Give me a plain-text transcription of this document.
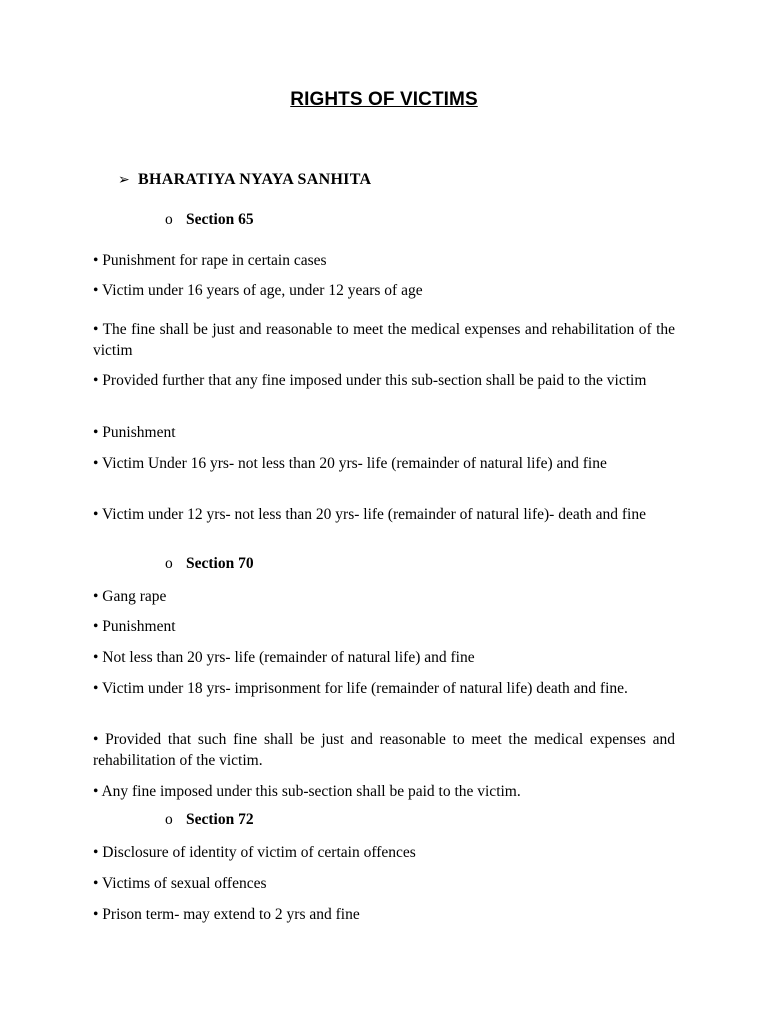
RIGHTS OF VICTIMS
➢ BHARATIYA NYAYA SANHITA
o Section 65
• Punishment for rape in certain cases
• Victim under 16 years of age, under 12 years of age
• The fine shall be just and reasonable to meet the medical expenses and rehabilitation of the victim
• Provided further that any fine imposed under this sub-section shall be paid to the victim
• Punishment
• Victim Under 16 yrs- not less than 20 yrs- life (remainder of natural life) and fine
• Victim under 12 yrs- not less than 20 yrs- life (remainder of natural life)- death and fine
o Section 70
• Gang rape
• Punishment
• Not less than 20 yrs- life (remainder of natural life) and fine
• Victim under 18 yrs- imprisonment for life (remainder of natural life) death and fine.
• Provided that such fine shall be just and reasonable to meet the medical expenses and rehabilitation of the victim.
• Any fine imposed under this sub-section shall be paid to the victim.
o Section 72
• Disclosure of identity of victim of certain offences
• Victims of sexual offences
• Prison term- may extend to 2 yrs and fine
